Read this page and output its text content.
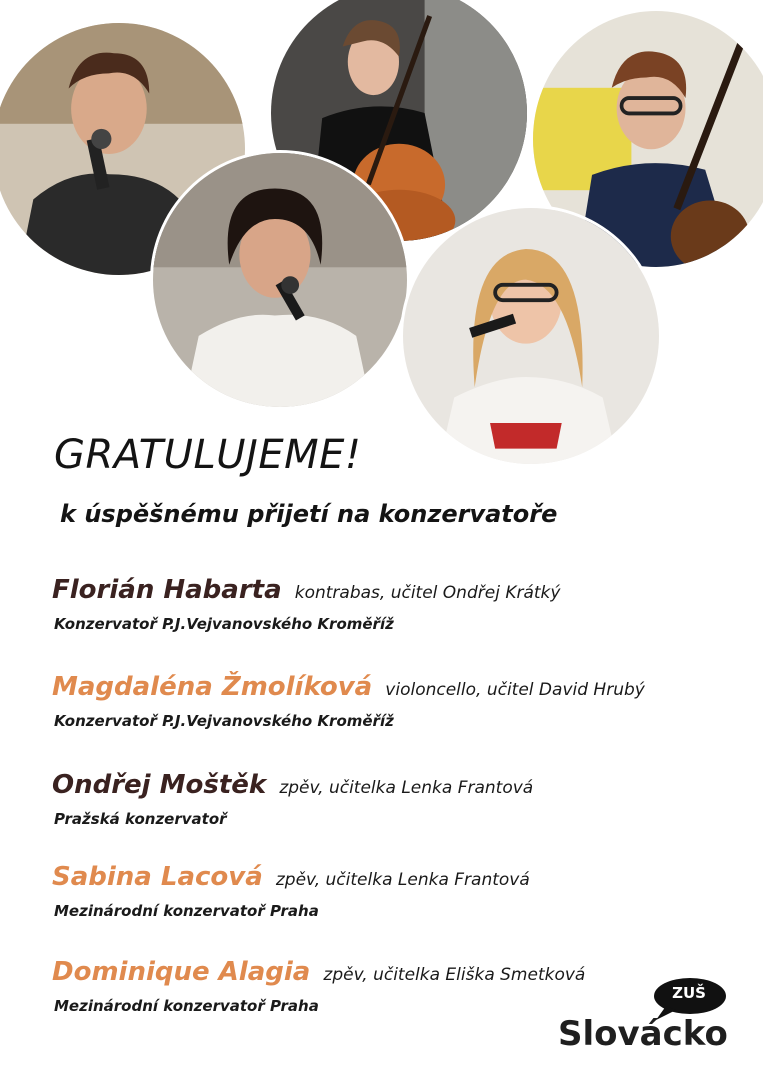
GRATULUJEME!

k úspěšnému přijetí na konzervatoře

Florián Habarta kontrabas, učitel Ondřej Krátký
Konzervatoř P.J.Vejvanovského Kroměříž
Magdaléna Žmolíková violoncello, učitel David Hrubý
Konzervatoř P.J.Vejvanovského Kroměříž
Ondřej Moštěk zpěv, učitelka Lenka Frantová
Pražská konzervatoř
Sabina Lacová zpěv, učitelka Lenka Frantová
Mezinárodní konzervatoř Praha
Dominique Alagia zpěv, učitelka Eliška Smetková
Mezinárodní konzervatoř Praha
ZUŠ
Slovácko
